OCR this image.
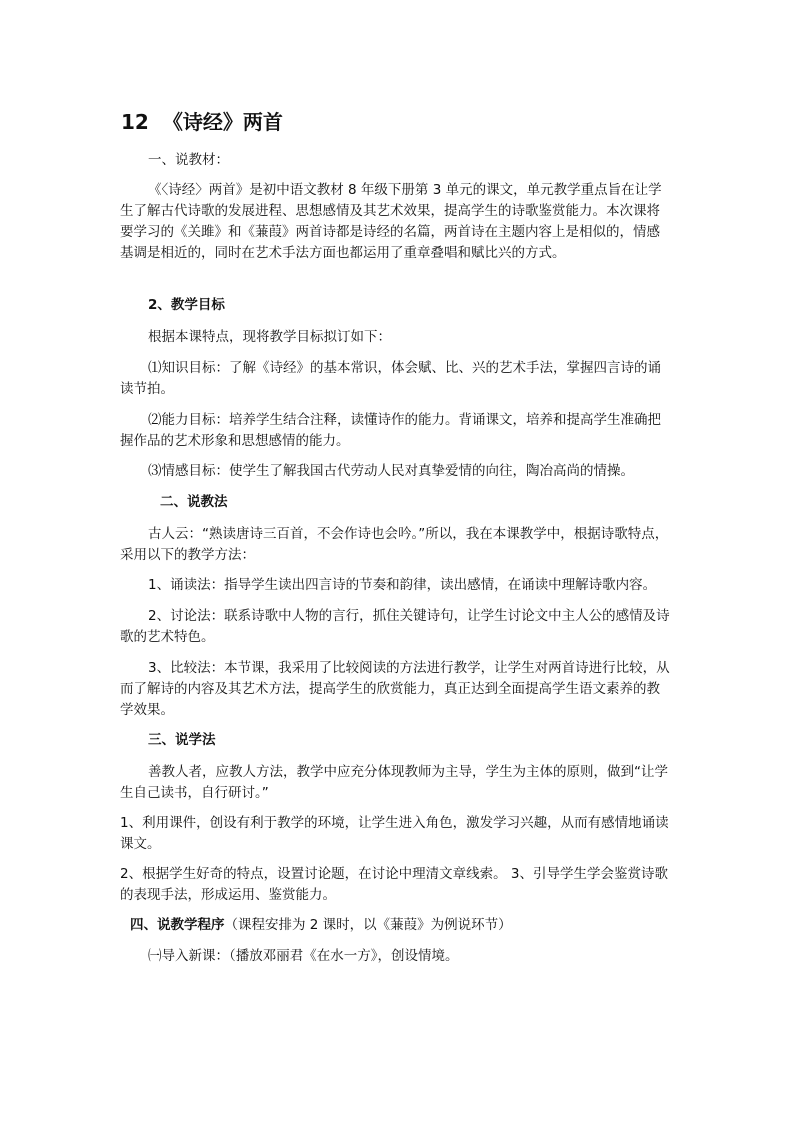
12 《诗经》两首

一、说教材：

《〈诗经〉两首》是初中语文教材 8 年级下册第 3 单元的课文，单元教学重点旨在让学生了解古代诗歌的发展进程、思想感情及其艺术效果，提高学生的诗歌鉴赏能力。本次课将要学习的《关雎》和《蒹葭》两首诗都是诗经的名篇，两首诗在主题内容上是相似的，情感基调是相近的，同时在艺术手法方面也都运用了重章叠唱和赋比兴的方式。

2、教学目标

根据本课特点，现将教学目标拟订如下：

⑴知识目标：了解《诗经》的基本常识，体会赋、比、兴的艺术手法，掌握四言诗的诵读节拍。

⑵能力目标：培养学生结合注释，读懂诗作的能力。背诵课文，培养和提高学生准确把握作品的艺术形象和思想感情的能力。

⑶情感目标：使学生了解我国古代劳动人民对真挚爱情的向往，陶冶高尚的情操。

二、说教法

古人云：“熟读唐诗三百首，不会作诗也会吟。”所以，我在本课教学中，根据诗歌特点，采用以下的教学方法：

1、诵读法：指导学生读出四言诗的节奏和韵律，读出感情，在诵读中理解诗歌内容。

2、讨论法：联系诗歌中人物的言行，抓住关键诗句，让学生讨论文中主人公的感情及诗歌的艺术特色。

3、比较法：本节课，我采用了比较阅读的方法进行教学，让学生对两首诗进行比较，从而了解诗的内容及其艺术方法，提高学生的欣赏能力，真正达到全面提高学生语文素养的教学效果。

三、说学法

善教人者，应教人方法，教学中应充分体现教师为主导，学生为主体的原则，做到“让学生自己读书，自行研讨。”

1、利用课件，创设有利于教学的环境，让学生进入角色，激发学习兴趣，从而有感情地诵读课文。

2、根据学生好奇的特点，设置讨论题，在讨论中理清文章线索。 3、引导学生学会鉴赏诗歌的表现手法，形成运用、鉴赏能力。

四、说教学程序（课程安排为 2 课时，以《蒹葭》为例说环节）

㈠导入新课：（播放邓丽君《在水一方》，创设情境。
